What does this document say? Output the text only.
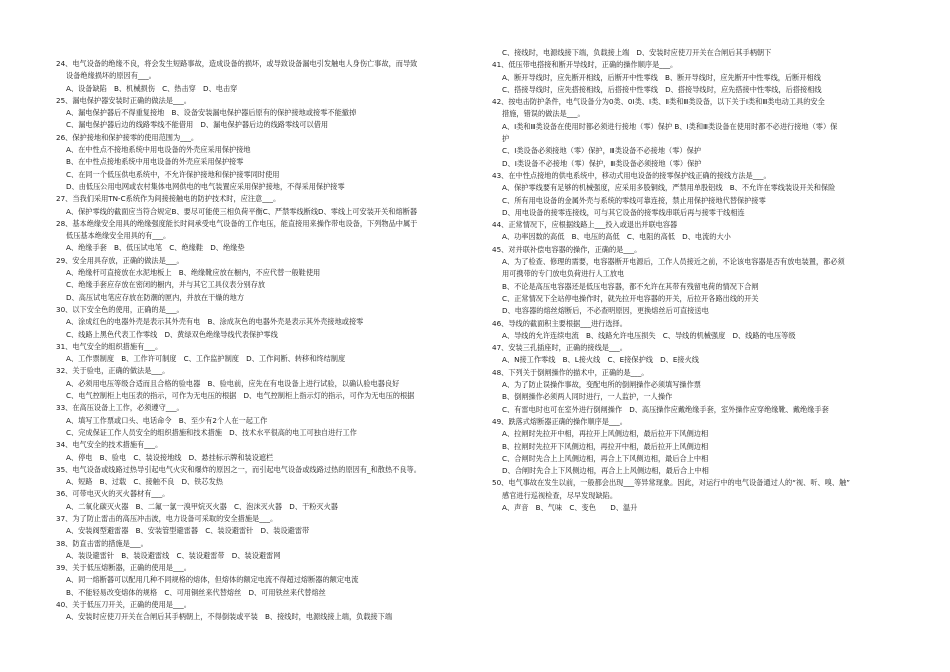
24、电气设备的绝缘不良，将会发生短路事故，造成设备的损坏，或导致设备漏电引发触电人身伤亡事故，而导致
设备绝缘损坏的原因有___。
A、设备缺陷　B、机械损伤　C、热击穿　D、电击穿
25、漏电保护器安装时正确的做法是___。
A、漏电保护器后不得重复接地　B、设备安装漏电保护器后原有的保护接地或接零不能撤掉
C、漏电保护器后边的线路零线不能借用　D、漏电保护器后边的线路零线可以借用
26、保护接地和保护接零的使用范围为___。
A、在中性点不接地系统中用电设备的外壳应采用保护接地
B、在中性点接地系统中用电设备的外壳应采用保护接零
C、在同一个低压供电系统中，不允许保护接地和保护接零同时使用
D、由低压公用电网或农村集体电网供电的电气装置应采用保护接地，不得采用保护接零
27、当我们采用TN-C系统作为间接接触电的防护技术时，应注意___。
A、保护零线的截面应当符合规定B、要尽可能使三相负荷平衡C、严禁零线断线D、零线上可安装开关和熔断器
28、基本绝缘安全用具的绝缘强度能长时间承受电气设备的工作电压，能直接用来操作带电设备，下列物品中属于
低压基本绝缘安全用具的有___。
A、绝缘手套　B、低压试电笔　C、绝缘鞋　D、绝缘垫
29、安全用具存放，正确的做法是___。
A、绝缘杆可直接放在水泥地板上　B、绝缘靴应放在橱内，不应代替一般鞋使用
C、绝缘手套应存放在密闭的橱内，并与其它工具仪表分别存放
D、高压试电笔应存放在防潮的匣内，并放在干燥的地方
30、以下安全色的使用，正确的是___。
A、涂成红色的电器外壳是表示其外壳有电　B、涂成灰色的电器外壳是表示其外壳接地或接零
C、线路上黑色代表工作零线　D、黄绿双色绝缘导线代表保护零线
31、电气安全的组织措施有___。
A、工作票制度　B、工作许可制度　C、工作监护制度　D、工作间断、转移和终结制度
32、关于验电，正确的做法是___。
A、必须用电压等级合适而且合格的验电器　B、验电前，应先在有电设备上进行试验，以确认验电器良好
C、电气控制柜上电压表的指示，可作为无电压的根据　D、电气控制柜上指示灯的指示，可作为无电压的根据
33、在高压设备上工作，必须遵守___。
A、填写工作票或口头、电话命令　B、至少有2个人在一起工作
C、完成保证工作人员安全的组织措施和技术措施　D、技术水平很高的电工可独自进行工作
34、电气安全的技术措施有___。
A、停电　B、验电　C、装设接地线　D、悬挂标示牌和装设遮栏
35、电气设备或线路过热导引起电气火灾和爆炸的原因之一，而引起电气设备或线路过热的原因有_和散热不良等。
A、短路　B、过载　C、接触不良　D、铁芯发热
36、可带电灭火的灭火器材有___。
A、二氧化碳灭火器　B、二氟一氯一溴甲烷灭火器　C、泡沫灭火器　D、干粉灭火器
37、为了防止雷击的高压冲击波，电力设备可采取的安全措施是___。
A、安装阀型避雷器　B、安装管型避雷器　C、装设避雷针　D、装设避雷带
38、防直击雷的措施是___。
A、装设避雷针　B、装设避雷线　C、装设避雷带　D、装设避雷网
39、关于低压熔断器，正确的使用是___。
A、同一熔断器可以配用几种不同规格的熔体，但熔体的额定电流不得超过熔断器的额定电流
B、不能轻易改变熔体的规格　C、可用铜丝来代替熔丝　D、可用铁丝来代替熔丝
40、关于低压刀开关，正确的使用是___。
A、安装时应使刀开关在合闸后其手柄朝上，不得倒装或平装　B、接线时，电源线接上端，负载接下端
C、接线时，电源线接下端，负载接上端　D、安装时应使刀开关在合闸后其手柄朝下
41、低压带电搭接和断开导线时，正确的操作顺序是___。
A、断开导线时，应先断开相线，后断开中性零线　B、断开导线时，应先断开中性零线，后断开相线
C、搭接导线时，应先搭接相线，后搭接中性零线　D、搭接导线时，应先搭接中性零线，后搭接相线
42、按电击防护条件，电气设备分为0类、0Ⅰ类、Ⅰ类、Ⅱ类和Ⅲ类设备，以下关于Ⅰ类和Ⅲ类电动工具的安全
措施，错误的做法是___。
A、Ⅰ类和Ⅲ类设备在使用时都必须进行接地（零）保护 B、Ⅰ类和Ⅲ类设备在使用时都不必进行接地（零）保
护
C、Ⅰ类设备必须接地（零）保护，Ⅲ类设备不必接地（零）保护
D、Ⅰ类设备不必接地（零）保护，Ⅲ类设备必须接地（零）保护
43、在中性点接地的供电系统中，移动式用电设备的接零保护线正确的接线方法是___。
A、保护零线要有足够的机械强度，应采用多股铜线，严禁用单股铝线　B、不允许在零线装设开关和保险
C、所有用电设备的金属外壳与系统的零线可靠连接，禁止用保护接地代替保护接零
D、用电设备的接零连接线，可与其它设备的接零线串联后再与接零干线相连
44、正常情况下，应根据线路上___投入或退出并联电容器
A、功率因数的高低　B、电压的高低　C、电阻的高低　D、电流的大小
45、对并联补偿电容器的操作，正确的是___。
A、为了检查、修理的需要，电容器断开电源后，工作人员接近之前，不论该电容器是否有放电装置，都必须
用可携带的专门放电负荷进行人工放电
B、不论是高压电容器还是低压电容器，都不允许在其带有残留电荷的情况下合闸
C、正常情况下全站停电操作时，就先拉开电容器的开关，后拉开各路出线的开关
D、电容器的熔丝熔断后，不必查明原因，更换熔丝后可直接送电
46、导线的截面积主要根据___进行选择。
A、导线的允许连续电流　B、线路允许电压损失　C、导线的机械强度　D、线路的电压等级
47、安装三孔插座时，正确的接线是___。
A、N接工作零线　B、L接火线　C、E接保护线　D、E接火线
48、下列关于倒闸操作的描术中，正确的是___。
A、为了防止误操作事故，变配电所的倒闸操作必须填写操作票
B、倒闸操作必须两人同时进行，一人监护，一人操作
C、有雷电时也可在室外进行倒闸操作　D、高压操作应戴绝缘手套，室外操作应穿绝缘靴、戴绝缘手套
49、跌落式熔断器正确的操作顺序是___。
A、拉闸时先拉开中相，再拉开上风侧边相，最后拉开下风侧边相
B、拉闸时先拉开下风侧边相，再拉开中相，最后拉开上风侧边相
C、合闸时先合上上风侧边相，再合上下风侧边相，最后合上中相
D、合闸时先合上下风侧边相，再合上上风侧边相，最后合上中相
50、电气事故在发生以前，一般都会出现___等异常现象。因此，对运行中的电气设备通过人的“视、听、嗅、触”
感官进行巡视检查，尽早发现缺陷。
A、声音　B、气味　C、变色　　D、温升
